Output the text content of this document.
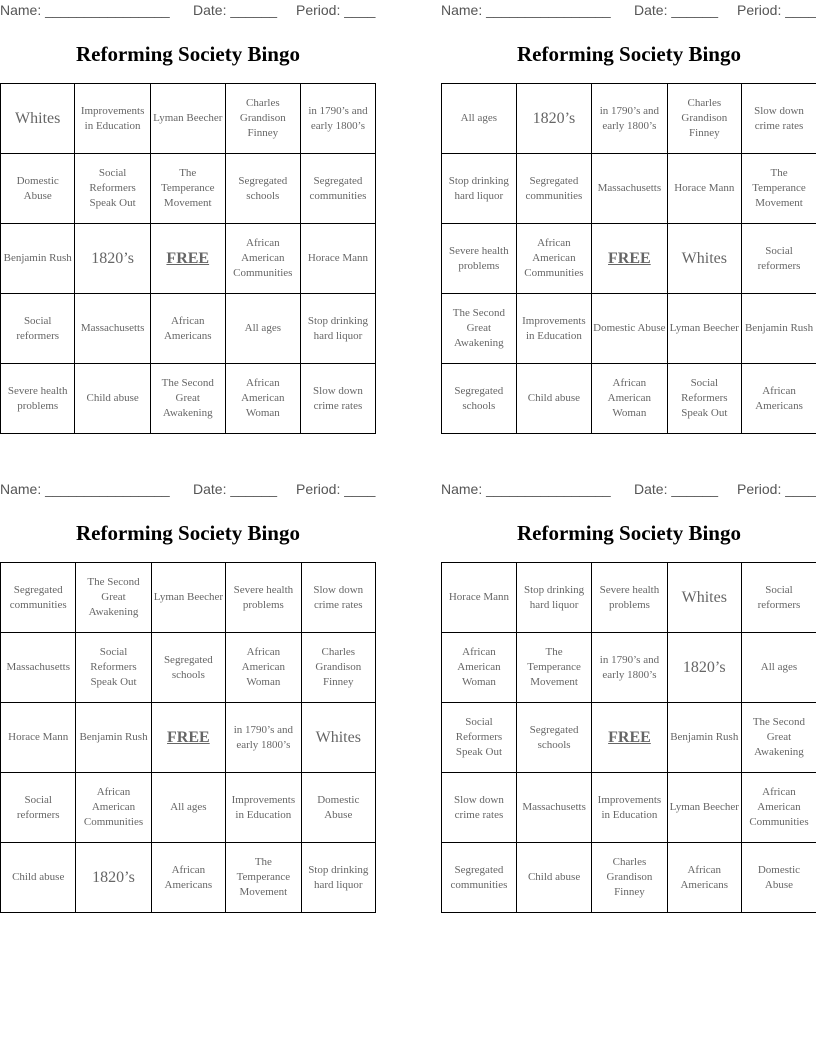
Name: ________________ Date: ______ Period: ____
Reforming Society Bingo
Whites	Improvements in Education	Lyman Beecher	Charles Grandison Finney	in 1790’s and early 1800’s
Domestic Abuse	Social Reformers Speak Out	The Temperance Movement	Segregated schools	Segregated communities
Benjamin Rush	1820’s	FREE	African American Communities	Horace Mann
Social reformers	Massachusetts	African Americans	All ages	Stop drinking hard liquor
Severe health problems	Child abuse	The Second Great Awakening	African American Woman	Slow down crime rates
Name: ________________ Date: ______ Period: ____
Reforming Society Bingo
All ages	1820’s	in 1790’s and early 1800’s	Charles Grandison Finney	Slow down crime rates
Stop drinking hard liquor	Segregated communities	Massachusetts	Horace Mann	The Temperance Movement
Severe health problems	African American Communities	FREE	Whites	Social reformers
The Second Great Awakening	Improvements in Education	Domestic Abuse	Lyman Beecher	Benjamin Rush
Segregated schools	Child abuse	African American Woman	Social Reformers Speak Out	African Americans
Name: ________________ Date: ______ Period: ____
Reforming Society Bingo
Segregated communities	The Second Great Awakening	Lyman Beecher	Severe health problems	Slow down crime rates
Massachusetts	Social Reformers Speak Out	Segregated schools	African American Woman	Charles Grandison Finney
Horace Mann	Benjamin Rush	FREE	in 1790’s and early 1800’s	Whites
Social reformers	African American Communities	All ages	Improvements in Education	Domestic Abuse
Child abuse	1820’s	African Americans	The Temperance Movement	Stop drinking hard liquor
Name: ________________ Date: ______ Period: ____
Reforming Society Bingo
Horace Mann	Stop drinking hard liquor	Severe health problems	Whites	Social reformers
African American Woman	The Temperance Movement	in 1790’s and early 1800’s	1820’s	All ages
Social Reformers Speak Out	Segregated schools	FREE	Benjamin Rush	The Second Great Awakening
Slow down crime rates	Massachusetts	Improvements in Education	Lyman Beecher	African American Communities
Segregated communities	Child abuse	Charles Grandison Finney	African Americans	Domestic Abuse
